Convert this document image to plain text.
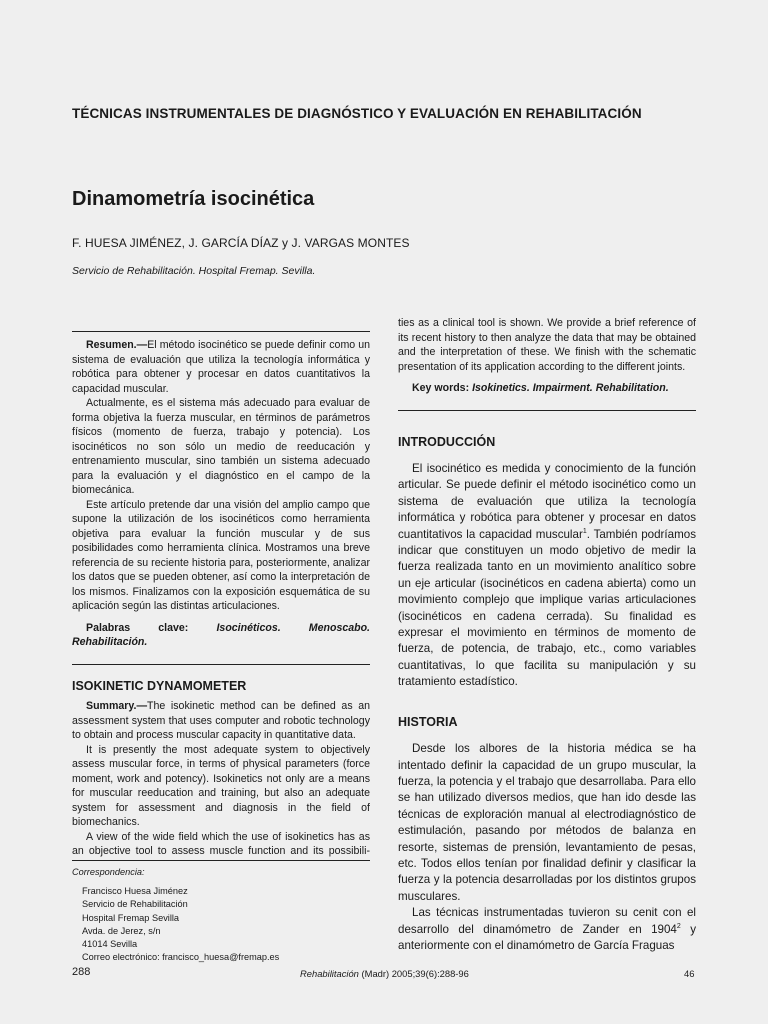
TÉCNICAS INSTRUMENTALES DE DIAGNÓSTICO Y EVALUACIÓN EN REHABILITACIÓN
Dinamometría isocinética
F. HUESA JIMÉNEZ, J. GARCÍA DÍAZ y J. VARGAS MONTES
Servicio de Rehabilitación. Hospital Fremap. Sevilla.

Resumen.—El método isocinético se puede definir como un sistema de evaluación que utiliza la tecnología informática y robótica para obtener y procesar en datos cuantitativos la capacidad muscular.

Actualmente, es el sistema más adecuado para evaluar de forma objetiva la fuerza muscular, en términos de parámetros físicos (momento de fuerza, trabajo y potencia). Los isocinéticos no son sólo un medio de reeducación y entrenamiento muscular, sino también un sistema adecuado para la evaluación y el diagnóstico en el campo de la biomecánica.

Este artículo pretende dar una visión del amplio campo que supone la utilización de los isocinéticos como herramienta objetiva para evaluar la función muscular y de sus posibilidades como herramienta clínica. Mostramos una breve referencia de su reciente historia para, posteriormente, analizar los datos que se pueden obtener, así como la interpretación de los mismos. Finalizamos con la exposición esquemática de su aplicación según las distintas articulaciones.

Palabras clave:	Isocinéticos. Menoscabo. Rehabilitación.

ISOKINETIC DYNAMOMETER

Summary.—The isokinetic method can be defined as an assessment system that uses computer and robotic technology to obtain and process muscular capacity in quantitative data.

It is presently the most adequate system to objectively assess muscular force, in terms of physical parameters (force moment, work and potency). Isokinetics not only are a means for muscular reeducation and training, but also an adequate system for assessment and diagnosis in the field of biomechanics.

A view of the wide field which the use of isokinetics has as an objective tool to assess muscle function and its possibili-

Correspondencia:
Francisco Huesa Jiménez
Servicio de Rehabilitación
Hospital Fremap Sevilla
Avda. de Jerez, s/n
41014 Sevilla
Correo electrónico: francisco_huesa@fremap.es

ties as a clinical tool is shown. We provide a brief reference of its recent history to then analyze the data that may be obtained and the interpretation of these. We finish with the schematic presentation of its application according to the different joints.

Key words: Isokinetics. Impairment. Rehabilitation.

INTRODUCCIÓN

El isocinético es medida y conocimiento de la función articular. Se puede definir el método isocinético como un sistema de evaluación que utiliza la tecnología informática y robótica para obtener y procesar en datos cuantitativos la capacidad muscular$^1$. También podríamos indicar que constituyen un modo objetivo de medir la fuerza realizada tanto en un movimiento analítico sobre un eje articular (isocinéticos en cadena abierta) como un movimiento complejo que implique varias articulaciones (isocinéticos en cadena cerrada). Su finalidad es expresar el movimiento en términos de momento de fuerza, de potencia, de trabajo, etc., como variables cuantitativas, lo que facilita su manipulación y su tratamiento estadístico.

HISTORIA

Desde los albores de la historia médica se ha intentado definir la capacidad de un grupo muscular, la fuerza, la potencia y el trabajo que desarrollaba. Para ello se han utilizado diversos medios, que han ido desde las técnicas de exploración manual al electrodiagnóstico de estimulación, pasando por métodos de balanza en resorte, sistemas de prensión, levantamiento de pesas, etc. Todos ellos tenían por finalidad definir y clasificar la fuerza y la potencia desarrolladas por los distintos grupos musculares.

Las técnicas instrumentadas tuvieron su cenit con el desarrollo del dinamómetro de Zander en 1904$^2$ y anteriormente con el dinamómetro de García Fraguas

288	Rehabilitación (Madr) 2005;39(6):288-96	46
